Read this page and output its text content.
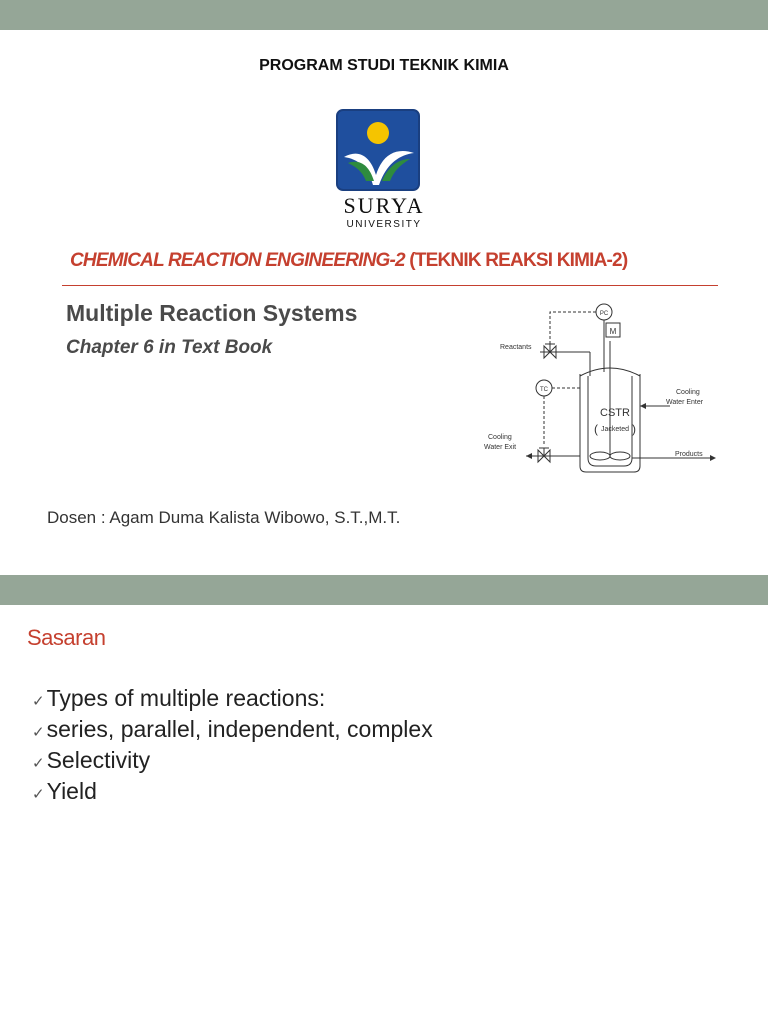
PROGRAM STUDI TEKNIK KIMIA
SURYA
UNIVERSITY
CHEMICAL REACTION ENGINEERING-2 (TEKNIK REAKSI KIMIA-2)
Multiple Reaction Systems
Chapter 6 in Text Book
M
PC
Reactants
TC	Cooling
Water Enter
Cooling
Water Exit
Products
CSTR
Jacketed
(	)
Dosen : Agam Duma Kalista Wibowo, S.T.,M.T.
Sasaran
✓Types of multiple reactions:
✓series, parallel, independent, complex
✓Selectivity
✓Yield
